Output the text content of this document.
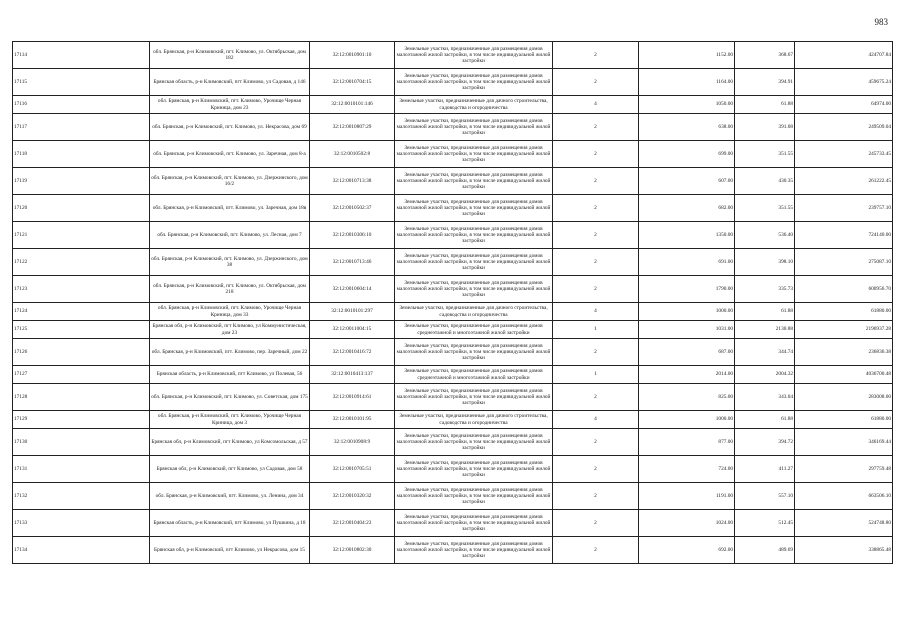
983
17114	обл. Брянская, р-н Климовский, пгт. Климово, ул. Октябрьская, дом 182	32:12:0010901:10	Земельные участки, предназначенные для размещения домов малоэтажной жилой застройки, в том числе индивидуальной жилой застройки	2	1152.00	368.67	424707.84
17115	Брянская область, р-н Климовский, пгт Климово, ул Садовая, д 146	32:12:0010704:15	Земельные участки, предназначенные для размещения домов малоэтажной жилой застройки, в том числе индивидуальной жилой застройки	2	1164.00	394.91	459675.24
17116	обл. Брянская, р-н Климовский, пгт. Климово, Урочище Черная Криница, дом 23	32:12:0010101:146	Земельные участки, предназначенные для дачного строительства, садоводства и огородничества	4	1050.00	61.88	64974.00
17117	обл. Брянская, р-н Климовский, пгт. Климово, ул. Некрасова, дом 69	32:12:0010807:29	Земельные участки, предназначенные для размещения домов малоэтажной жилой застройки, в том числе индивидуальной жилой застройки	2	638.00	391.08	249509.04
17118	обл. Брянская, р-н Климовский, пгт. Климово, ул. Заречная, дом 8-а	32:12:0010502:8	Земельные участки, предназначенные для размещения домов малоэтажной жилой застройки, в том числе индивидуальной жилой застройки	2	699.00	351.55	245733.45
17119	обл. Брянская, р-н Климовский, пгт. Климово, ул. Дзержинского, дом 16/2	32:12:0010713:38	Земельные участки, предназначенные для размещения домов малоэтажной жилой застройки, в том числе индивидуальной жилой застройки	2	607.00	430.35	261222.45
17120	обл. Брянская, р-н Климовский, пгт. Климово, ул. Заречная, дом 18в	32:12:0010502:37	Земельные участки, предназначенные для размещения домов малоэтажной жилой застройки, в том числе индивидуальной жилой застройки	2	682.00	351.55	239757.10
17121	обл. Брянская, р-н Климовский, пгт. Климово, ул. Лесная, дом 7	32:12:0010306:10	Земельные участки, предназначенные для размещения домов малоэтажной жилой застройки, в том числе индивидуальной жилой застройки	2	1350.00	536.40	724140.00
17122	обл. Брянская, р-н Климовский, пгт. Климово, ул. Дзержинского, дом 38	32:12:0010713:46	Земельные участки, предназначенные для размещения домов малоэтажной жилой застройки, в том числе индивидуальной жилой застройки	2	691.00	398.10	275087.10
17123	обл. Брянская, р-н Климовский, пгт. Климово, ул. Октябрьская, дом 218	32:12:0010604:14	Земельные участки, предназначенные для размещения домов малоэтажной жилой застройки, в том числе индивидуальной жилой застройки	2	1790.00	335.73	600956.70
17124	обл. Брянская, р-н Климовский, пгт. Климово, Урочище Черная Криница, дом 33	32:12:0010101:297	Земельные участки, предназначенные для дачного строительства, садоводства и огородничества	4	1000.00	61.88	61880.00
17125	Брянская обл, р-н Климовский, пгт Климово, ул Коммунистическая, дом 23	32:12:0011004:15	Земельные участки, предназначенные для размещения домов среднеэтажной и многоэтажной жилой застройки	1	1031.00	2130.88	2196937.28
17126	обл. Брянская, р-н Климовский, пгт. Климово, пер. Заречный, дом 22	32:12:0010416:72	Земельные участки, предназначенные для размещения домов малоэтажной жилой застройки, в том числе индивидуальной жилой застройки	2	687.00	344.74	236836.38
17127	Брянская область, р-н Климовский, пгт Климово, ул Полевая, 56	32:12:0010413:137	Земельные участки, предназначенные для размещения домов среднеэтажной и многоэтажной жилой застройки	1	2014.00	2004.32	4036700.48
17128	обл. Брянская, р-н Климовский, пгт. Климово, ул. Советская, дом 175	32:12:0010914:61	Земельные участки, предназначенные для размещения домов малоэтажной жилой застройки, в том числе индивидуальной жилой застройки	2	825.00	343.04	283008.00
17129	обл. Брянская, р-н Климовский, пгт. Климово, Урочище Черная Криница, дом 3	32:12:0010101:95	Земельные участки, предназначенные для дачного строительства, садоводства и огородничества	4	1000.00	61.88	61880.00
17130	Брянская обл, р-н Климовский, пгт Климово, ул Комсомольская, д 57	32:12:0010908:9	Земельные участки, предназначенные для размещения домов малоэтажной жилой застройки, в том числе индивидуальной жилой застройки	2	877.00	394.72	346169.44
17131	Брянская обл, р-н Климовский, пгт Климово, ул Садовая, дом 58	32:12:0010705:51	Земельные участки, предназначенные для размещения домов малоэтажной жилой застройки, в том числе индивидуальной жилой застройки	2	724.00	411.27	297759.48
17132	обл. Брянская, р-н Климовский, пгт. Климово, ул. Ленина, дом 34	32:12:0010320:32	Земельные участки, предназначенные для размещения домов малоэтажной жилой застройки, в том числе индивидуальной жилой застройки	2	1191.00	557.10	663506.10
17133	Брянская область, р-н Климовский, пгт Климово, ул Пушкина, д 18	32:12:0010404:23	Земельные участки, предназначенные для размещения домов малоэтажной жилой застройки, в том числе индивидуальной жилой застройки	2	1024.00	512.45	524748.80
17134	Брянская обл, р-н Климовский, пгт Климово, ул Некрасова, дом 15	32:12:0010802:30	Земельные участки, предназначенные для размещения домов малоэтажной жилой застройки, в том числе индивидуальной жилой застройки	2	692.00	489.69	338865.48
